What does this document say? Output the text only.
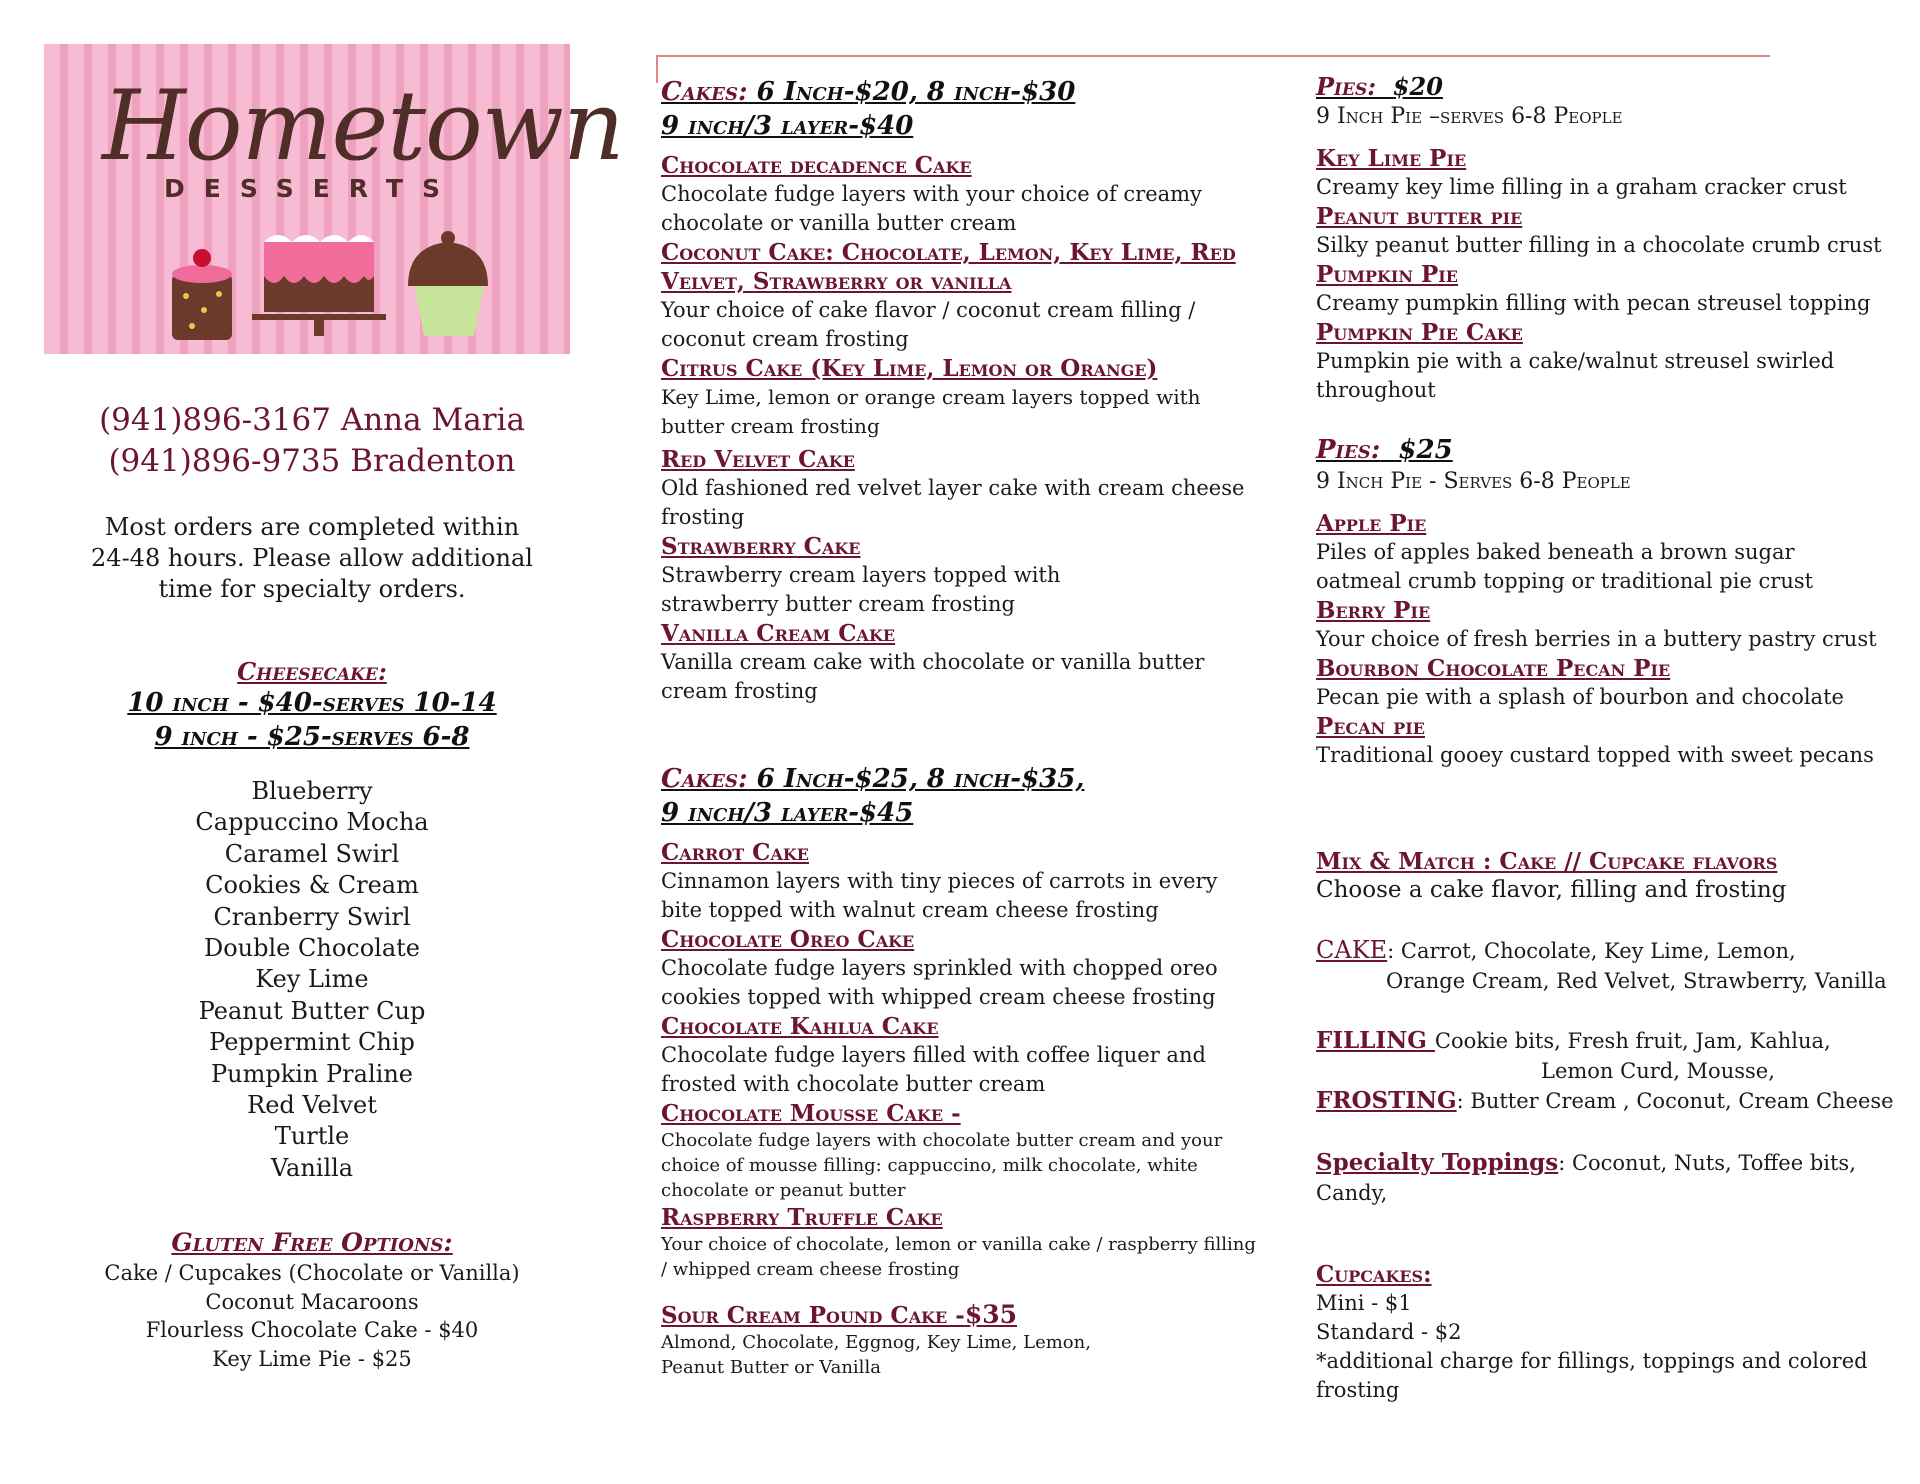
Hometown
DESSERTS
(941)896-3167 Anna Maria
(941)896-9735 Bradenton
Most orders are completed within
24-48 hours. Please allow additional
time for specialty orders.
Cheesecake:
10 inch - $40-serves 10-14
9 inch - $25-serves 6-8
Blueberry
Cappuccino Mocha
Caramel Swirl
Cookies & Cream
Cranberry Swirl
Double Chocolate
Key Lime
Peanut Butter Cup
Peppermint Chip
Pumpkin Praline
Red Velvet
Turtle
Vanilla
Gluten Free Options:
Cake / Cupcakes (Chocolate or Vanilla)
Coconut Macaroons
Flourless Chocolate Cake - $40
Key Lime Pie - $25
Cakes: 6 Inch-$20, 8 inch-$30
9 inch/3 layer-$40
Chocolate decadence Cake
Chocolate fudge layers with your choice of creamy chocolate or vanilla butter cream
Coconut Cake: Chocolate, Lemon, Key Lime, Red Velvet, Strawberry or vanilla
Your choice of cake flavor / coconut cream filling / coconut cream frosting
Citrus Cake (Key Lime, Lemon or Orange)
Key Lime, lemon or orange cream layers topped with butter cream frosting
Red Velvet Cake
Old fashioned red velvet layer cake with cream cheese frosting
Strawberry Cake
Strawberry cream layers topped with strawberry butter cream frosting
Vanilla Cream Cake
Vanilla cream cake with chocolate or vanilla butter cream frosting
Cakes: 6 Inch-$25, 8 inch-$35,
9 inch/3 layer-$45
Carrot Cake
Cinnamon layers with tiny pieces of carrots in every bite topped with walnut cream cheese frosting
Chocolate Oreo Cake
Chocolate fudge layers sprinkled with chopped oreo cookies topped with whipped cream cheese frosting
Chocolate Kahlua Cake
Chocolate fudge layers filled with coffee liquer and frosted with chocolate butter cream
Chocolate Mousse Cake -
Chocolate fudge layers with chocolate butter cream and your choice of mousse filling: cappuccino, milk chocolate, white chocolate or peanut butter
Raspberry Truffle Cake
Your choice of chocolate, lemon or vanilla cake / raspberry filling / whipped cream cheese frosting
Sour Cream Pound Cake -$35
Almond, Chocolate, Eggnog, Key Lime, Lemon,
Peanut Butter or Vanilla
Pies:  $20
9 Inch Pie –serves 6-8 People
Key Lime Pie
Creamy key lime filling in a graham cracker crust
Peanut butter pie
Silky peanut butter filling in a chocolate crumb crust
Pumpkin Pie
Creamy pumpkin filling with pecan streusel topping
Pumpkin Pie Cake
Pumpkin pie with a cake/walnut streusel swirled throughout
Pies:  $25
9 Inch Pie - Serves 6-8 People
Apple Pie
Piles of apples baked beneath a brown sugar oatmeal crumb topping or traditional pie crust
Berry Pie
Your choice of fresh berries in a buttery pastry crust
Bourbon Chocolate Pecan Pie
Pecan pie with a splash of bourbon and chocolate
Pecan pie
Traditional gooey custard topped with sweet pecans
Mix & Match : Cake // Cupcake flavors
Choose a cake flavor, filling and frosting
CAKE: Carrot, Chocolate, Key Lime, Lemon,
Orange Cream, Red Velvet, Strawberry, Vanilla
FILLING Cookie bits, Fresh fruit, Jam, Kahlua,
Lemon Curd, Mousse,
FROSTING: Butter Cream , Coconut, Cream Cheese
Specialty Toppings: Coconut, Nuts, Toffee bits, Candy,
Cupcakes:
Mini - $1
Standard - $2
*additional charge for fillings, toppings and colored frosting
